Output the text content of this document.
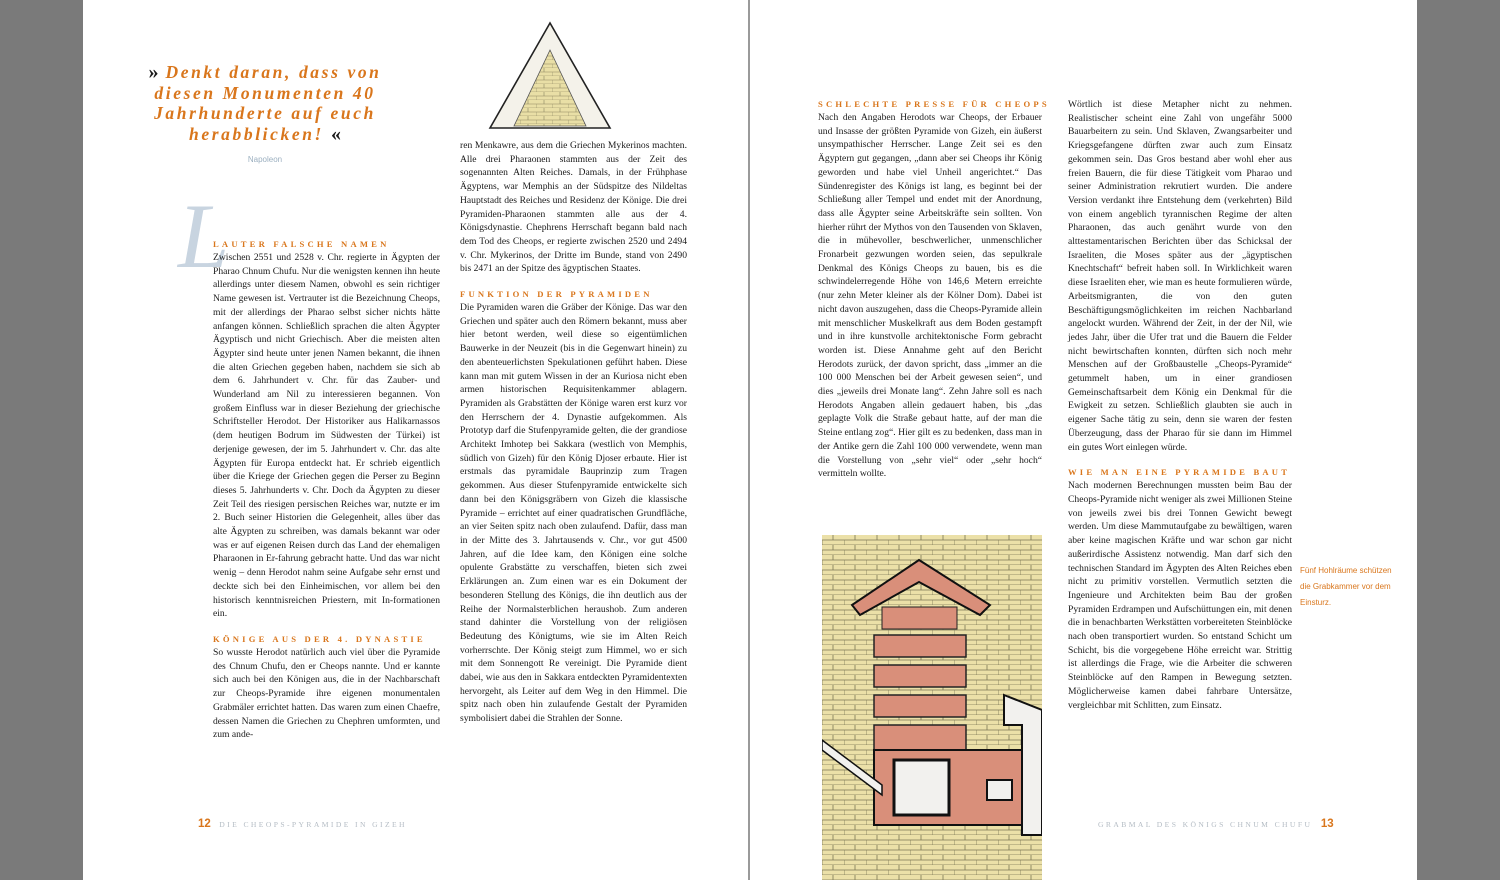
» Denkt daran, dass von diesen Monumenten 40 Jahrhunderte auf euch herabblicken! «
Napoleon
L
LAUTER FALSCHE NAMEN

Zwischen 2551 und 2528 v. Chr. regierte in Ägypten der Pharao Chnum Chufu. Nur die wenigsten kennen ihn heute allerdings unter diesem Namen, obwohl es sein richtiger Name gewesen ist. Vertrauter ist die Bezeichnung Cheops, mit der allerdings der Pharao selbst sicher nichts hätte anfangen können. Schließlich sprachen die alten Ägypter Ägyptisch und nicht Griechisch. Aber die meisten alten Ägypter sind heute unter jenen Namen bekannt, die ihnen die alten Griechen gegeben haben, nachdem sie sich ab dem 6. Jahrhundert v. Chr. für das Zauber- und Wunderland am Nil zu interessieren begannen. Von großem Einfluss war in dieser Beziehung der griechische Schriftsteller Herodot. Der Historiker aus Halikarnassos (dem heutigen Bodrum im Südwesten der Türkei) ist derjenige gewesen, der im 5. Jahrhundert v. Chr. das alte Ägypten für Europa entdeckt hat. Er schrieb eigentlich über die Kriege der Griechen gegen die Perser zu Beginn dieses 5. Jahrhunderts v. Chr. Doch da Ägypten zu dieser Zeit Teil des riesigen persischen Reiches war, nutzte er im 2. Buch seiner Historien die Gelegenheit, alles über das alte Ägypten zu schreiben, was damals bekannt war oder was er auf eigenen Reisen durch das Land der ehemaligen Pharaonen in Er-fahrung gebracht hatte. Und das war nicht wenig – denn Herodot nahm seine Aufgabe sehr ernst und deckte sich bei den Einheimischen, vor allem bei den historisch kenntnisreichen Priestern, mit In-formationen ein.

KÖNIGE AUS DER 4. DYNASTIE

So wusste Herodot natürlich auch viel über die Pyramide des Chnum Chufu, den er Cheops nannte. Und er kannte sich auch bei den Königen aus, die in der Nachbarschaft zur Cheops-Pyramide ihre eigenen monumentalen Grabmäler errichtet hatten. Das waren zum einen Chaefre, dessen Namen die Griechen zu Chephren umformten, und zum ande-

ren Menkawre, aus dem die Griechen Mykerinos machten. Alle drei Pharaonen stammten aus der Zeit des sogenannten Alten Reiches. Damals, in der Frühphase Ägyptens, war Memphis an der Südspitze des Nildeltas Hauptstadt des Reiches und Residenz der Könige. Die drei Pyramiden-Pharaonen stammten alle aus der 4. Königsdynastie. Chephrens Herrschaft begann bald nach dem Tod des Cheops, er regierte zwischen 2520 und 2494 v. Chr. Mykerinos, der Dritte im Bunde, stand von 2490 bis 2471 an der Spitze des ägyptischen Staates.

FUNKTION DER PYRAMIDEN

Die Pyramiden waren die Gräber der Könige. Das war den Griechen und später auch den Römern bekannt, muss aber hier betont werden, weil diese so eigentümlichen Bauwerke in der Neuzeit (bis in die Gegenwart hinein) zu den abenteuerlichsten Spekulationen geführt haben. Diese kann man mit gutem Wissen in der an Kuriosa nicht eben armen historischen Requisitenkammer ablagern. Pyramiden als Grabstätten der Könige waren erst kurz vor den Herrschern der 4. Dynastie aufgekommen. Als Prototyp darf die Stufenpyramide gelten, die der grandiose Architekt Imhotep bei Sakkara (westlich von Memphis, südlich von Gizeh) für den König Djoser erbaute. Hier ist erstmals das pyramidale Bauprinzip zum Tragen gekommen. Aus dieser Stufenpyramide entwickelte sich dann bei den Königsgräbern von Gizeh die klassische Pyramide – errichtet auf einer quadratischen Grundfläche, an vier Seiten spitz nach oben zulaufend. Dafür, dass man in der Mitte des 3. Jahrtausends v. Chr., vor gut 4500 Jahren, auf die Idee kam, den Königen eine solche opulente Grabstätte zu verschaffen, bieten sich zwei Erklärungen an. Zum einen war es ein Dokument der besonderen Stellung des Königs, die ihn deutlich aus der Reihe der Normalsterblichen heraushob. Zum anderen stand dahinter die Vorstellung von der religiösen Bedeutung des Königtums, wie sie im Alten Reich vorherrschte. Der König steigt zum Himmel, wo er sich mit dem Sonnengott Re vereinigt. Die Pyramide dient dabei, wie aus den in Sakkara entdeckten Pyramidentexten hervorgeht, als Leiter auf dem Weg in den Himmel. Die spitz nach oben hin zulaufende Gestalt der Pyramiden symbolisiert dabei die Strahlen der Sonne.

SCHLECHTE PRESSE FÜR CHEOPS

Nach den Angaben Herodots war Cheops, der Erbauer und Insasse der größten Pyramide von Gizeh, ein äußerst unsympathischer Herrscher. Lange Zeit sei es den Ägyptern gut gegangen, „dann aber sei Cheops ihr König geworden und habe viel Unheil angerichtet.“ Das Sündenregister des Königs ist lang, es beginnt bei der Schließung aller Tempel und endet mit der Anordnung, dass alle Ägypter seine Arbeitskräfte sein sollten. Von hierher rührt der Mythos von den Tausenden von Sklaven, die in mühevoller, beschwerlicher, unmenschlicher Fronarbeit gezwungen worden seien, das sepulkrale Denkmal des Königs Cheops zu bauen, bis es die schwindelerregende Höhe von 146,6 Metern erreichte (nur zehn Meter kleiner als der Kölner Dom). Dabei ist nicht davon auszugehen, dass die Cheops-Pyramide allein mit menschlicher Muskelkraft aus dem Boden gestampft und in ihre kunstvolle architektonische Form gebracht worden ist. Diese Annahme geht auf den Bericht Herodots zurück, der davon spricht, dass „immer an die 100 000 Menschen bei der Arbeit gewesen seien“, und dies „jeweils drei Monate lang“. Zehn Jahre soll es nach Herodots Angaben allein gedauert haben, bis „das geplagte Volk die Straße gebaut hatte, auf der man die Steine entlang zog“. Hier gilt es zu bedenken, dass man in der Antike gern die Zahl 100 000 verwendete, wenn man die Vorstellung von „sehr viel“ oder „sehr hoch“ vermitteln wollte.

Wörtlich ist diese Metapher nicht zu nehmen. Realistischer scheint eine Zahl von ungefähr 5000 Bauarbeitern zu sein. Und Sklaven, Zwangsarbeiter und Kriegsgefangene dürften zwar auch zum Einsatz gekommen sein. Das Gros bestand aber wohl eher aus freien Bauern, die für diese Tätigkeit vom Pharao und seiner Administration rekrutiert wurden. Die andere Version verdankt ihre Entstehung dem (verkehrten) Bild von einem angeblich tyrannischen Regime der alten Pharaonen, das auch genährt wurde von den alttestamentarischen Berichten über das Schicksal der Israeliten, die Moses später aus der „ägyptischen Knechtschaft“ befreit haben soll. In Wirklichkeit waren diese Israeliten eher, wie man es heute formulieren würde, Arbeitsmigranten, die von den guten Beschäftigungsmöglichkeiten im reichen Nachbarland angelockt wurden. Während der Zeit, in der der Nil, wie jedes Jahr, über die Ufer trat und die Bauern die Felder nicht bewirtschaften konnten, dürften sich noch mehr Menschen auf der Großbaustelle „Cheops-Pyramide“ getummelt haben, um in einer grandiosen Gemeinschaftsarbeit dem König ein Denkmal für die Ewigkeit zu setzen. Schließlich glaubten sie auch in eigener Sache tätig zu sein, denn sie waren der festen Überzeugung, dass der Pharao für sie dann im Himmel ein gutes Wort einlegen würde.

WIE MAN EINE PYRAMIDE BAUT

Nach modernen Berechnungen mussten beim Bau der Cheops-Pyramide nicht weniger als zwei Millionen Steine von jeweils zwei bis drei Tonnen Gewicht bewegt werden. Um diese Mammutaufgabe zu bewältigen, waren aber keine magischen Kräfte und war schon gar nicht außerirdische Assistenz notwendig. Man darf sich den technischen Standard im Ägypten des Alten Reiches eben nicht zu primitiv vorstellen. Vermutlich setzten die Ingenieure und Architekten beim Bau der großen Pyramiden Erdrampen und Aufschüttungen ein, mit denen die in benachbarten Werkstätten vorbereiteten Steinblöcke nach oben transportiert wurden. So entstand Schicht um Schicht, bis die vorgegebene Höhe erreicht war. Strittig ist allerdings die Frage, wie die Arbeiter die schweren Steinblöcke auf den Rampen in Bewegung setzten. Möglicherweise kamen dabei fahrbare Untersätze, vergleichbar mit Schlitten, zum Einsatz.

Fünf Hohlräume schützen die Grabkammer vor dem Einsturz.
12 DIE CHEOPS-PYRAMIDE IN GIZEH	GRABMAL DES KÖNIGS CHNUM CHUFU 13
